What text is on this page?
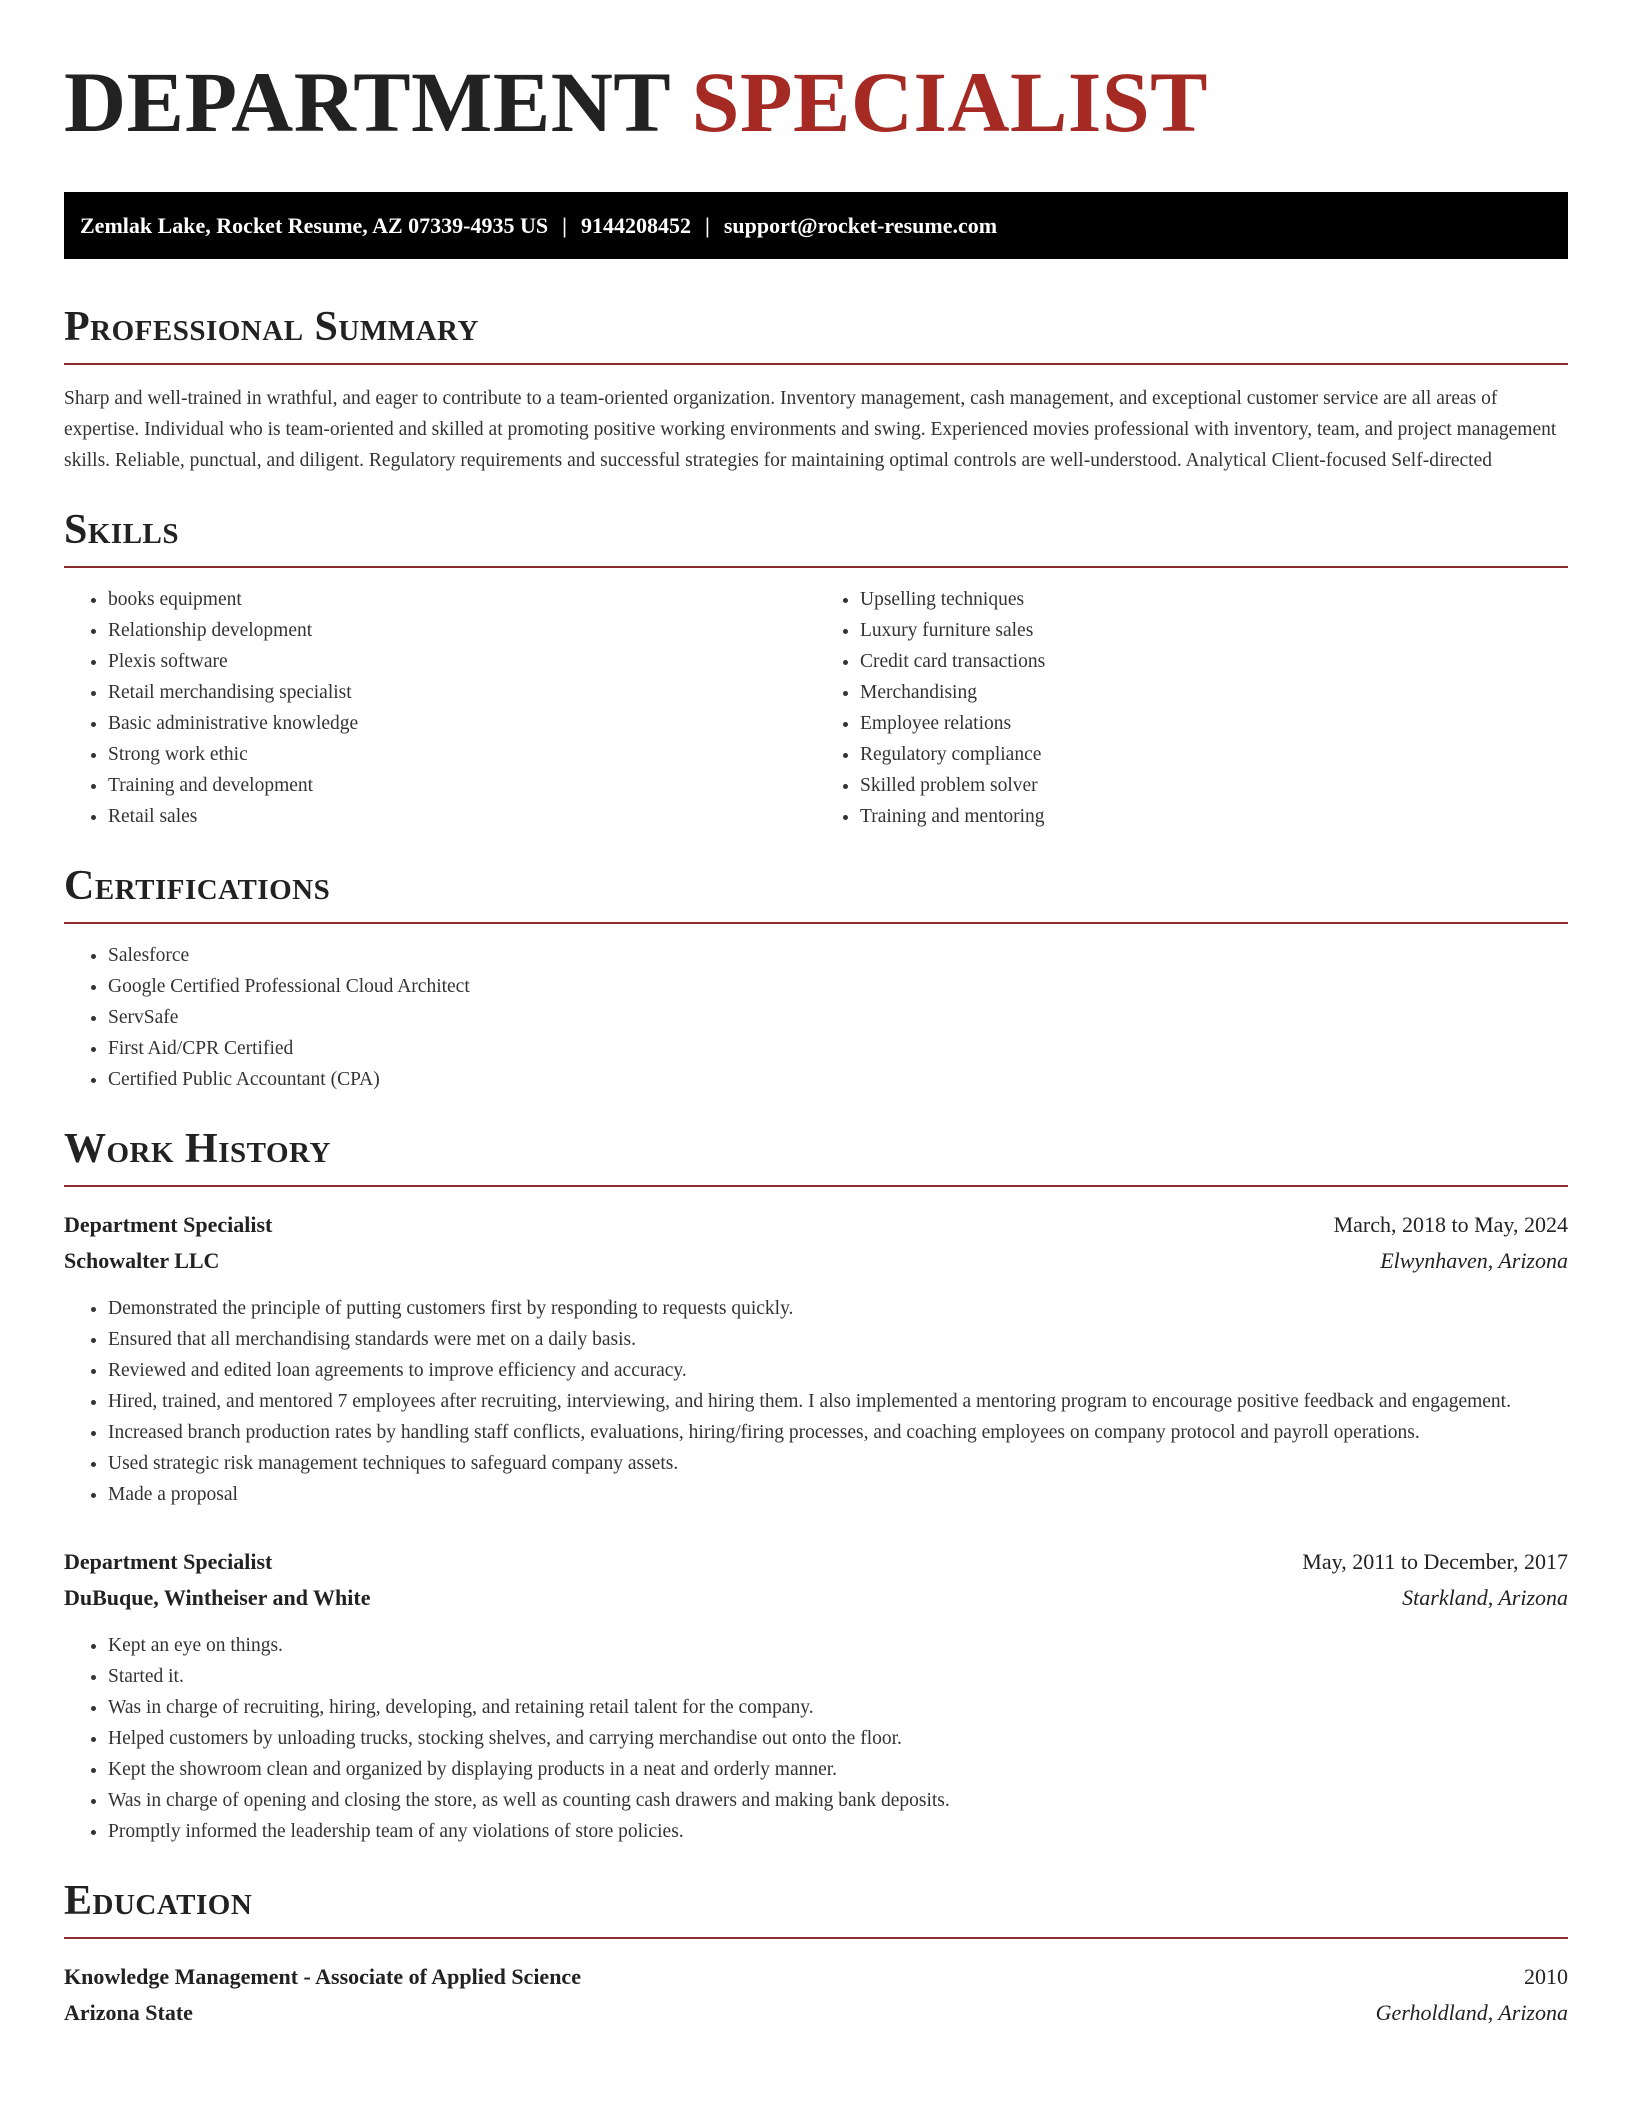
DEPARTMENT SPECIALIST
Zemlak Lake, Rocket Resume, AZ 07339-4935 US | 9144208452 | support@rocket-resume.com
Professional Summary

Sharp and well-trained in wrathful, and eager to contribute to a team-oriented organization. Inventory management, cash management, and exceptional customer service are all areas of expertise. Individual who is team-oriented and skilled at promoting positive working environments and swing. Experienced movies professional with inventory, team, and project management skills. Reliable, punctual, and diligent. Regulatory requirements and successful strategies for maintaining optimal controls are well-understood. Analytical Client-focused Self-directed

Skills
• books equipment
• Relationship development
• Plexis software
• Retail merchandising specialist
• Basic administrative knowledge
• Strong work ethic
• Training and development
• Retail sales
• Upselling techniques
• Luxury furniture sales
• Credit card transactions
• Merchandising
• Employee relations
• Regulatory compliance
• Skilled problem solver
• Training and mentoring
Certifications
• Salesforce
• Google Certified Professional Cloud Architect
• ServSafe
• First Aid/CPR Certified
• Certified Public Accountant (CPA)
Work History
Department Specialist	March, 2018 to May, 2024
Schowalter LLC	Elwynhaven, Arizona
• Demonstrated the principle of putting customers first by responding to requests quickly.
• Ensured that all merchandising standards were met on a daily basis.
• Reviewed and edited loan agreements to improve efficiency and accuracy.
• Hired, trained, and mentored 7 employees after recruiting, interviewing, and hiring them. I also implemented a mentoring program to encourage positive feedback and engagement.
• Increased branch production rates by handling staff conflicts, evaluations, hiring/firing processes, and coaching employees on company protocol and payroll operations.
• Used strategic risk management techniques to safeguard company assets.
• Made a proposal
Department Specialist	May, 2011 to December, 2017
DuBuque, Wintheiser and White	Starkland, Arizona
• Kept an eye on things.
• Started it.
• Was in charge of recruiting, hiring, developing, and retaining retail talent for the company.
• Helped customers by unloading trucks, stocking shelves, and carrying merchandise out onto the floor.
• Kept the showroom clean and organized by displaying products in a neat and orderly manner.
• Was in charge of opening and closing the store, as well as counting cash drawers and making bank deposits.
• Promptly informed the leadership team of any violations of store policies.
Education
Knowledge Management - Associate of Applied Science	2010
Arizona State	Gerholdland, Arizona
